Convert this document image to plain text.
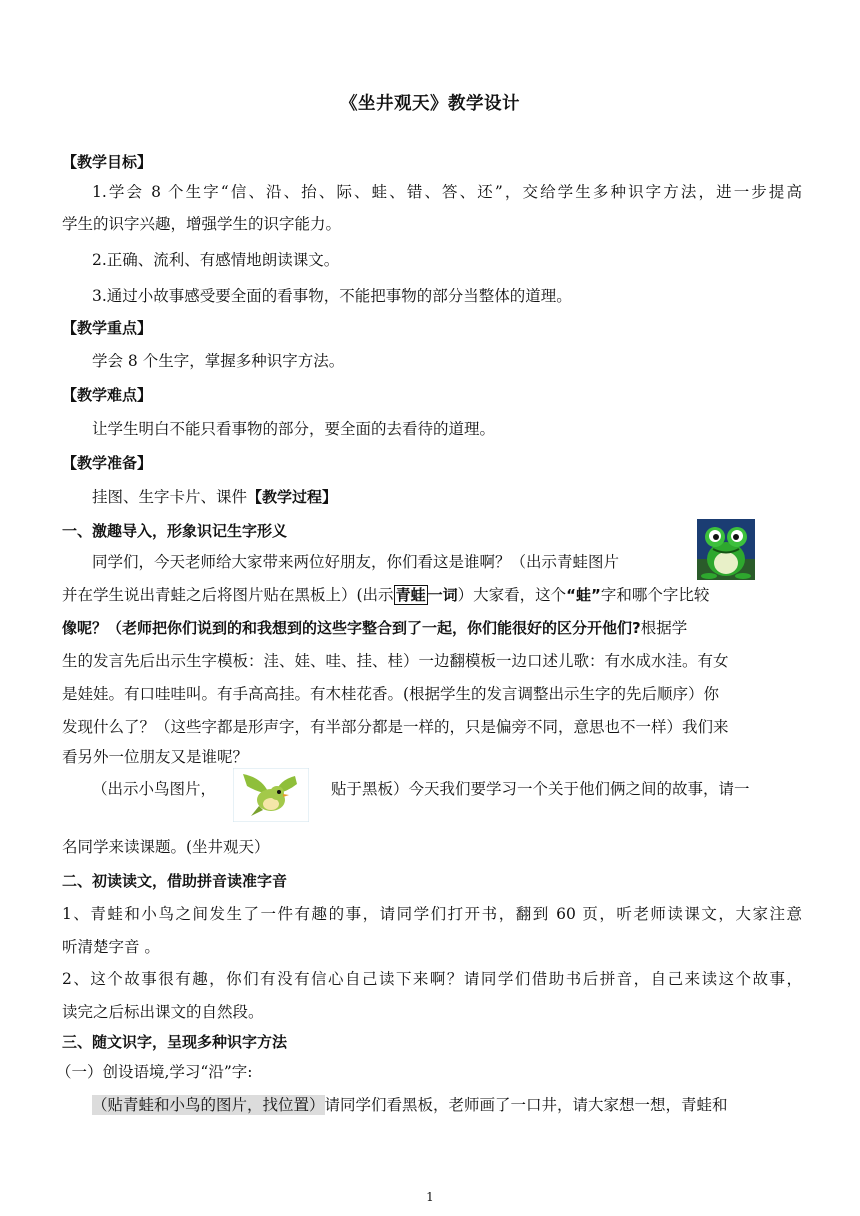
《坐井观天》教学设计
【教学目标】
1.学会 8 个生字“信、沿、抬、际、蛙、错、答、还”，交给学生多种识字方法，进一步提高
学生的识字兴趣，增强学生的识字能力。
2.正确、流利、有感情地朗读课文。
3.通过小故事感受要全面的看事物，不能把事物的部分当整体的道理。
【教学重点】
学会 8 个生字，掌握多种识字方法。
【教学难点】
让学生明白不能只看事物的部分，要全面的去看待的道理。
【教学准备】
挂图、生字卡片、课件【教学过程】
一、激趣导入，形象识记生字形义
同学们，今天老师给大家带来两位好朋友，你们看这是谁啊？（出示青蛙图片
并在学生说出青蛙之后将图片贴在黑板上）(出示 青蛙 一词）大家看，这个“蛙”字和哪个字比较
像呢？（老师把你们说到的和我想到的这些字整合到了一起，你们能很好的区分开他们?根据学
生的发言先后出示生字模板：洼、娃、哇、挂、桂）一边翻模板一边口述儿歌：有水成水洼。有女
是娃娃。有口哇哇叫。有手高高挂。有木桂花香。(根据学生的发言调整出示生字的先后顺序）你
发现什么了？（这些字都是形声字，有半部分都是一样的，只是偏旁不同，意思也不一样）我们来
看另外一位朋友又是谁呢？
（出示小鸟图片，	贴于黑板）今天我们要学习一个关于他们俩之间的故事，请一
名同学来读课题。(坐井观天）
二、初读读文，借助拼音读准字音
1、青蛙和小鸟之间发生了一件有趣的事，请同学们打开书，翻到 60 页，听老师读课文，大家注意
听清楚字音 。
2、这个故事很有趣，你们有没有信心自己读下来啊？请同学们借助书后拼音，自己来读这个故事，
读完之后标出课文的自然段。
三、随文识字，呈现多种识字方法
（一）创设语境,学习“沿”字:
（贴青蛙和小鸟的图片，找位置）请同学们看黑板，老师画了一口井，请大家想一想，青蛙和
1
